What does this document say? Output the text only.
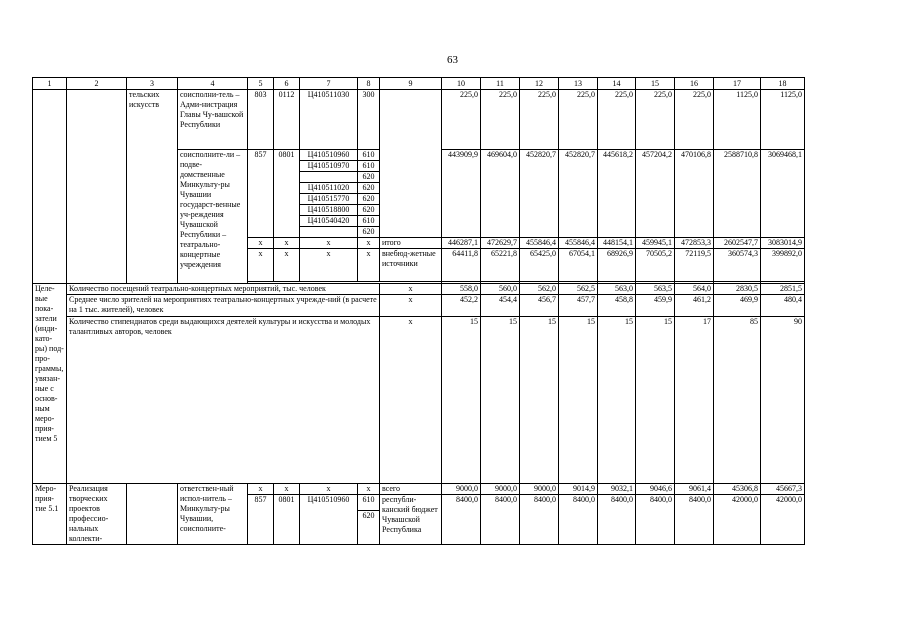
63
1	2	3	4	5	6	7	8	9	10	11	12	13	14	15	16	17	18
		тельских искусств	соисполни-тель – Адми-нистрация Главы Чу-вашской Республики	803	0112	Ц410511030	300		225,0	225,0	225,0	225,0	225,0	225,0	225,0	1125,0	1125,0
			соисполните-ли – подве-домственные Минкульту-ры Чувашии государст-венные уч-реждения Чувашской Республики – театрально-концертные учреждения	857	0801	Ц410510960	610		443909,9	469604,0	452820,7	452820,7	445618,2	457204,2	470106,8	2588710,8	3069468,1
						Ц410510970	610										
							620										
						Ц410511020	620										
						Ц410515770	620										
						Ц410518800	620										
						Ц410540420	610										
							620										
				х	х	х	х	итого	446287,1	472629,7	455846,4	455846,4	448154,1	459945,1	472853,3	2602547,7	3083014,9
				х	х	х	х	внебюд-жетные источники	64411,8	65221,8	65425,0	67054,1	68926,9	70505,2	72119,5	360574,3	399892,0

Целе-вые пока-затели (инди-като-ры) под-про-граммы, увязан-ные с основ-ным меро-прия-тием 5	Количество посещений театрально-концертных мероприятий, тыс. человек							х	558,0	560,0	562,0	562,5	563,0	563,5	564,0	2830,5	2851,5
	Среднее число зрителей на мероприятиях театрально-концертных учрежде-ний (в расчете на 1 тыс. жителей), человек							х	452,2	454,4	456,7	457,7	458,8	459,9	461,2	469,9	480,4
	Количество стипендиатов среди выдающихся деятелей культуры и искусства и молодых талантливых авторов, человек							х	15	15	15	15	15	15	17	85	90
Меро-прия-тие 5.1	Реализация творческих проектов профессио-нальных коллекти-		ответствен-ный испол-нитель – Минкульту-ры Чувашии, соисполните-	х	х	х	х	всего	9000,0	9000,0	9000,0	9014,9	9032,1	9046,6	9061,4	45306,8	45667,3
				857	0801	Ц410510960	610	республи-канский бюджет Чувашской Республика	8400,0	8400,0	8400,0	8400,0	8400,0	8400,0	8400,0	42000,0	42000,0
							620										
